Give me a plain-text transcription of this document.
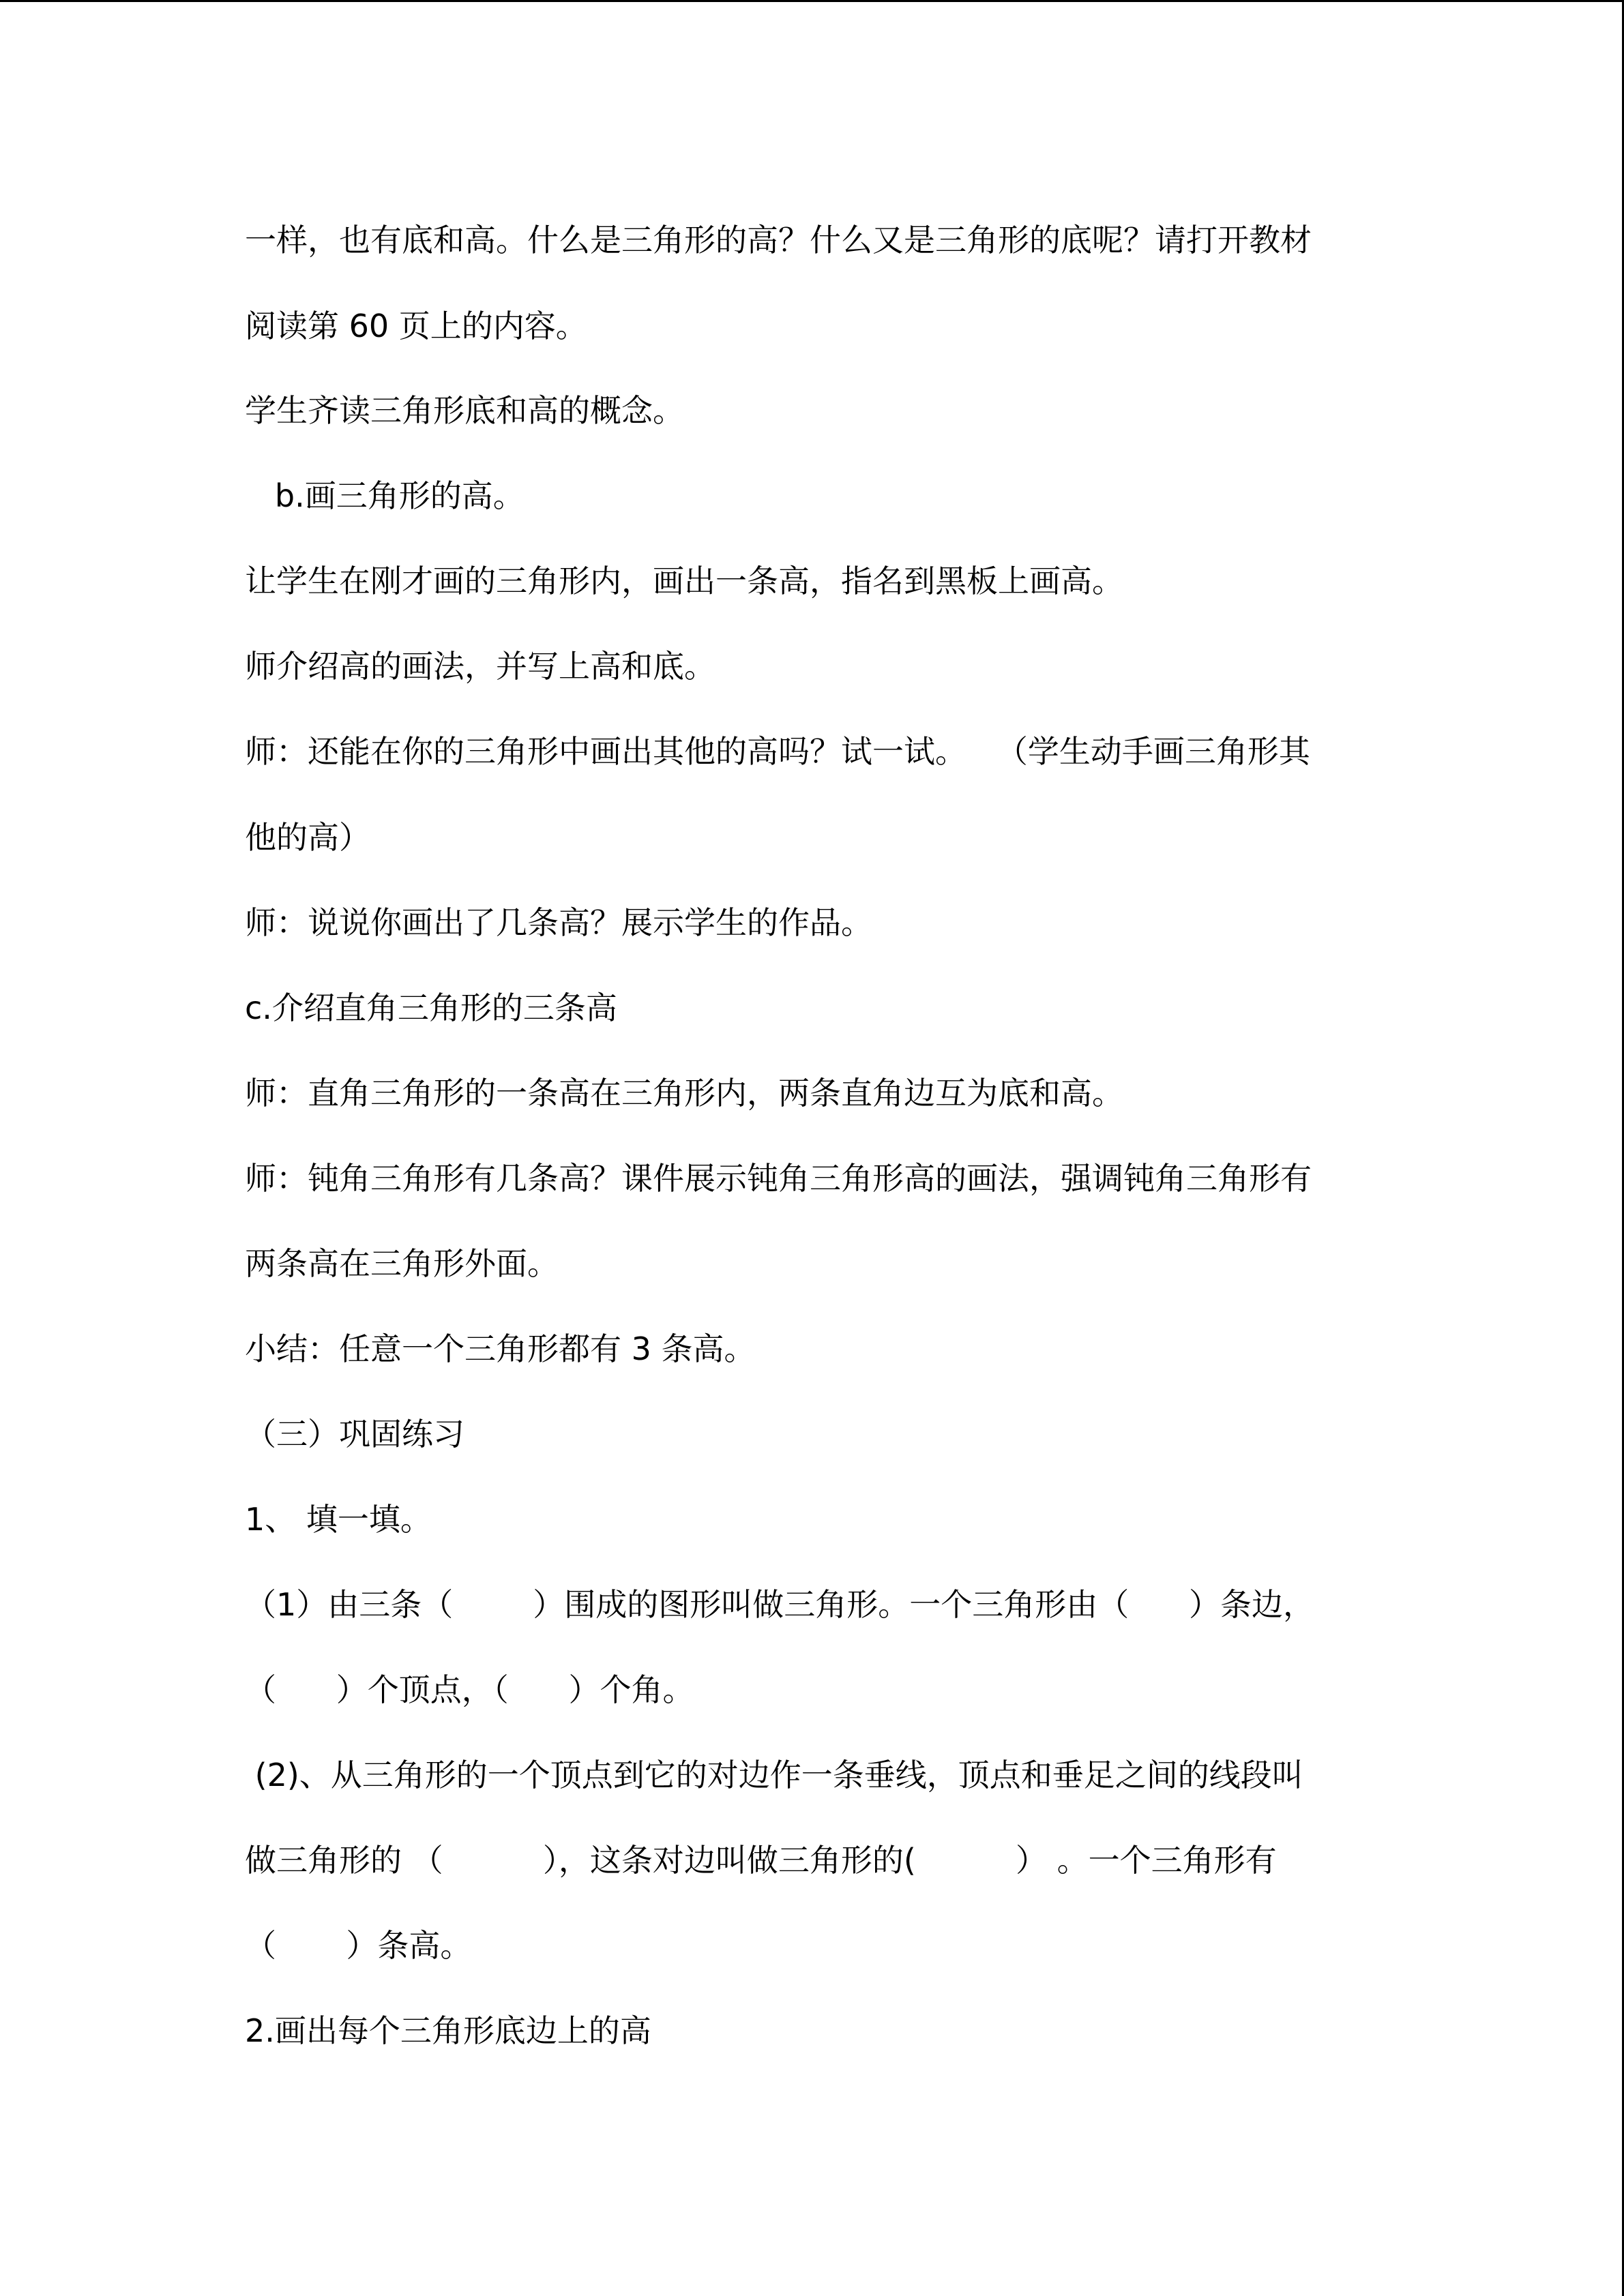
一样，也有底和高。什么是三角形的高？什么又是三角形的底呢？请打开教材
阅读第 60 页上的内容。
学生齐读三角形底和高的概念。
b.画三角形的高。
让学生在刚才画的三角形内，画出一条高，指名到黑板上画高。
师介绍高的画法，并写上高和底。
师：还能在你的三角形中画出其他的高吗？试一试。   （学生动手画三角形其
他的高）
师：说说你画出了几条高？展示学生的作品。
c.介绍直角三角形的三条高
师：直角三角形的一条高在三角形内，两条直角边互为底和高。
师：钝角三角形有几条高？课件展示钝角三角形高的画法，强调钝角三角形有
两条高在三角形外面。
小结：任意一个三角形都有 3 条高。
（三）巩固练习
1、 填一填。
（1）由三条（        ）围成的图形叫做三角形。一个三角形由（      ）条边，
（      ）个顶点，（      ）个角。
(2)、从三角形的一个顶点到它的对边作一条垂线，顶点和垂足之间的线段叫
做三角形的 （          ），这条对边叫做三角形的(          ） 。一个三角形有
（       ）条高。
2.画出每个三角形底边上的高
